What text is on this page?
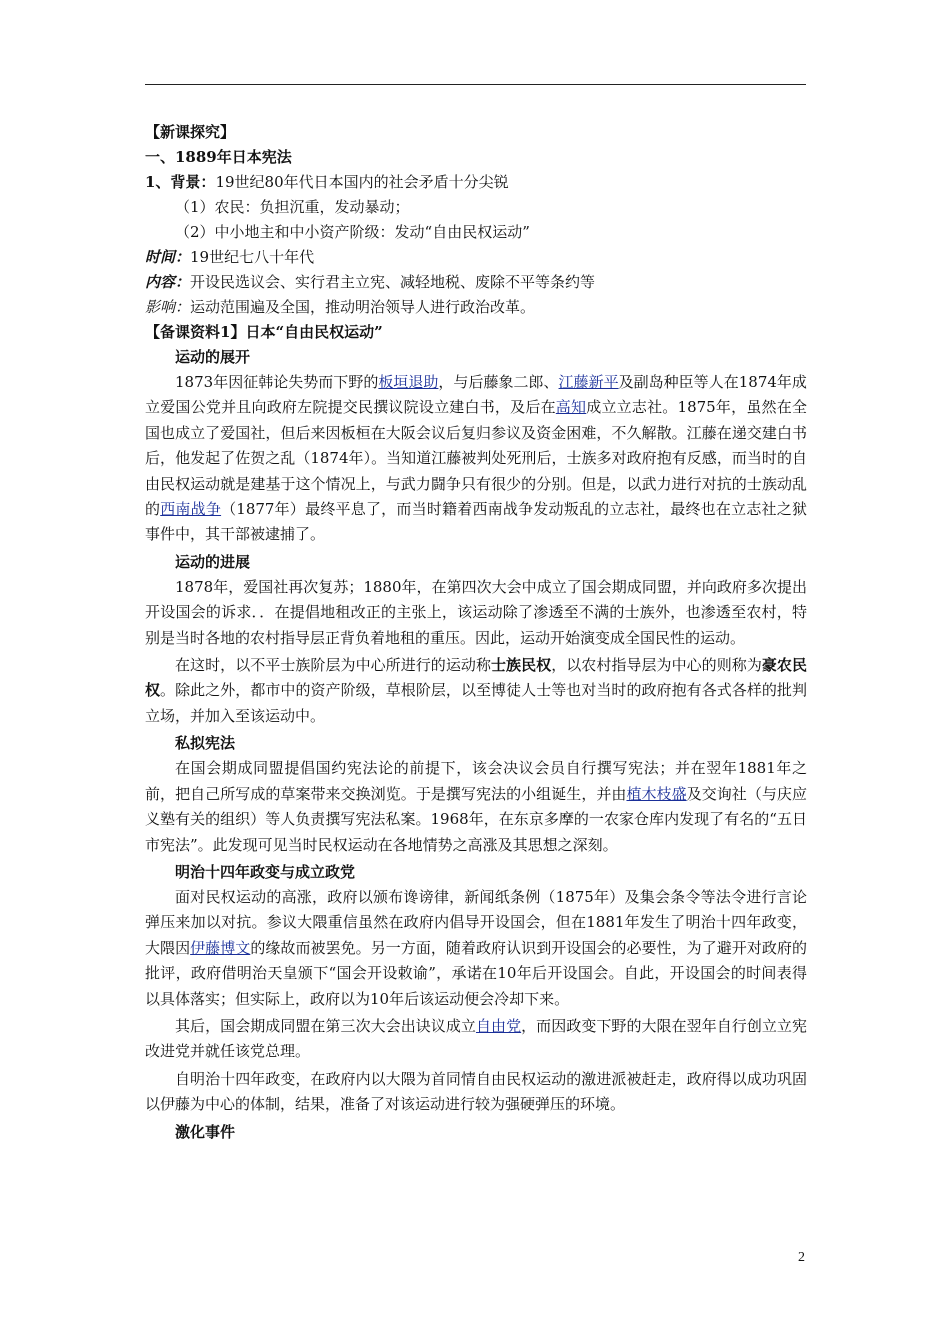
【新课探究】
一、1889年日本宪法
1、背景：19世纪80年代日本国内的社会矛盾十分尖锐
（1）农民：负担沉重，发动暴动；
（2）中小地主和中小资产阶级：发动“自由民权运动”
时间：19世纪七八十年代
内容：开设民选议会、实行君主立宪、减轻地税、废除不平等条约等
影响：运动范围遍及全国，推动明治领导人进行政治改革。
【备课资料1】日本“自由民权运动”
运动的展开
1873年因征韩论失势而下野的板垣退助，与后藤象二郎、江藤新平及副岛种臣等人在1874年成立爱国公党并且向政府左院提交民撰议院设立建白书，及后在高知成立立志社。1875年，虽然在全国也成立了爱国社，但后来因板桓在大阪会议后复归参议及资金困难，不久解散。江藤在递交建白书后，他发起了佐贺之乱（1874年）。当知道江藤被判处死刑后，士族多对政府抱有反感，而当时的自由民权运动就是建基于这个情况上，与武力闘争只有很少的分别。但是，以武力进行对抗的士族动乱的西南战争（1877年）最终平息了，而当时籍着西南战争发动叛乱的立志社，最终也在立志社之狱事件中，其干部被逮捕了。
运动的进展
1878年，爱国社再次复苏；1880年，在第四次大会中成立了国会期成同盟，并向政府多次提出开设国会的诉求．．在提倡地租改正的主张上，该运动除了渗透至不满的士族外，也渗透至农村，特别是当时各地的农村指导层正背负着地租的重压。因此，运动开始演变成全国民性的运动。
在这时，以不平士族阶层为中心所进行的运动称士族民权，以农村指导层为中心的则称为豪农民权。除此之外，都市中的资产阶级，草根阶层，以至博徒人士等也对当时的政府抱有各式各样的批判立场，并加入至该运动中。
私拟宪法
在国会期成同盟提倡国约宪法论的前提下，该会决议会员自行撰写宪法；并在翌年1881年之前，把自己所写成的草案带来交换浏览。于是撰写宪法的小组诞生，并由植木枝盛及交询社（与庆应义塾有关的组织）等人负责撰写宪法私案。1968年，在东京多摩的一农家仓库内发现了有名的“五日市宪法”。此发现可见当时民权运动在各地情势之高涨及其思想之深刻。
明治十四年政变与成立政党
面对民权运动的高涨，政府以颁布谗谤律，新闻纸条例（1875年）及集会条令等法令进行言论弹压来加以对抗。参议大隈重信虽然在政府内倡导开设国会，但在1881年发生了明治十四年政变，大隈因伊藤博文的缘故而被罢免。另一方面，随着政府认识到开设国会的必要性，为了避开对政府的批评，政府借明治天皇颁下“国会开设敕谕”，承诺在10年后开设国会。自此，开设国会的时间表得以具体落实；但实际上，政府以为10年后该运动便会冷却下来。
其后，国会期成同盟在第三次大会出诀议成立自由党，而因政变下野的大限在翌年自行创立立宪改进党并就任该党总理。
自明治十四年政变，在政府内以大隈为首同情自由民权运动的激进派被赶走，政府得以成功巩固以伊藤为中心的体制，结果，准备了对该运动进行较为强硬弹压的环境。
激化事件
2
